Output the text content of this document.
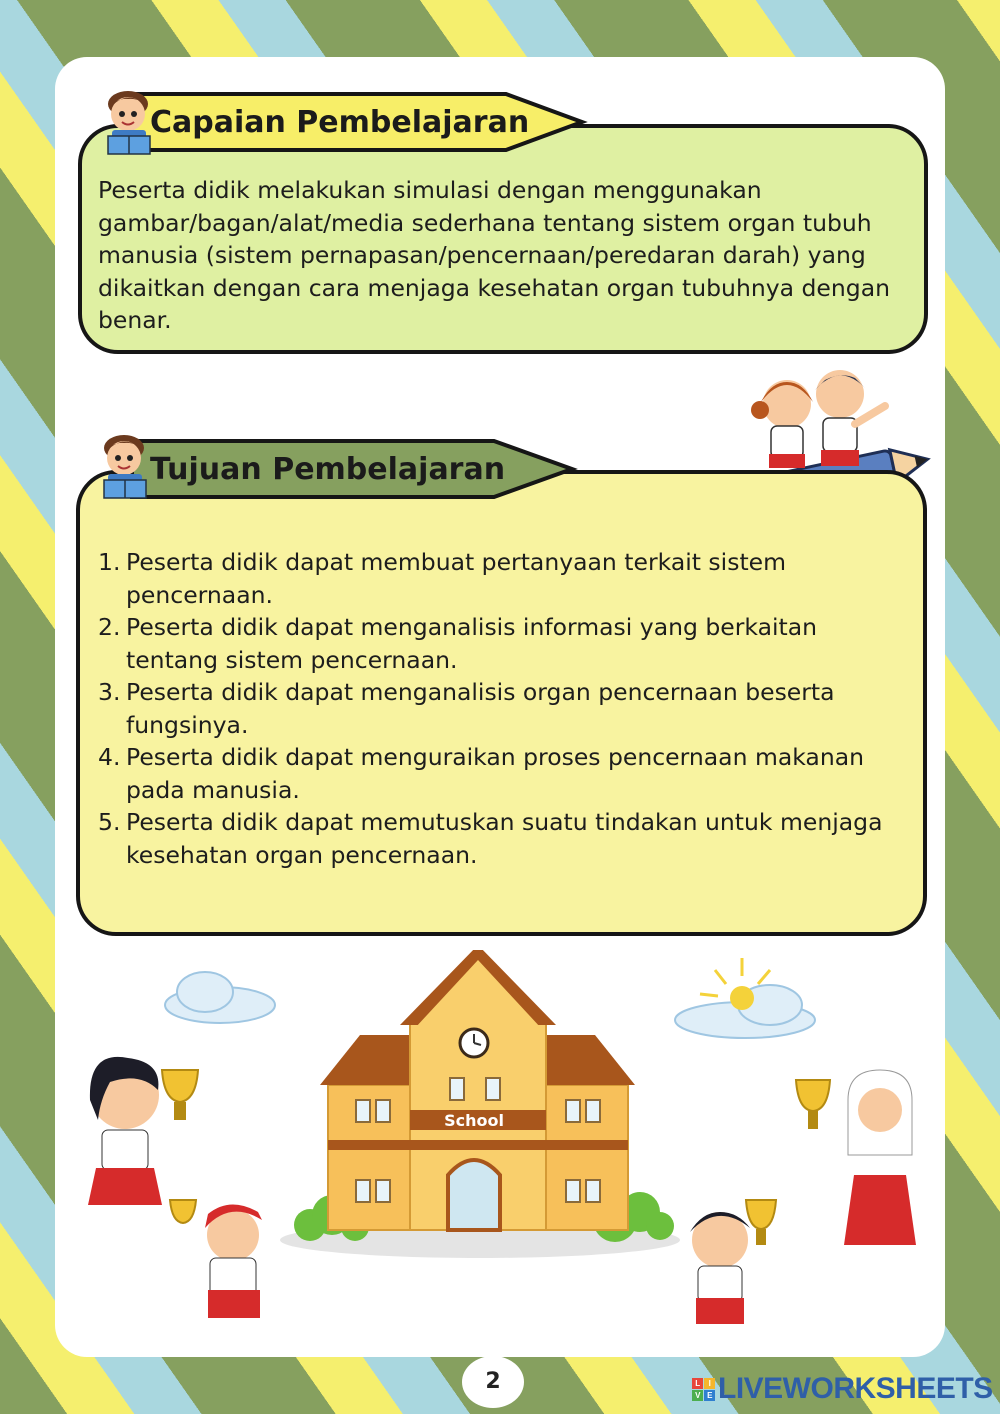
Capaian Pembelajaran
Peserta didik melakukan simulasi dengan menggunakan gambar/bagan/alat/media sederhana tentang sistem organ tubuh manusia (sistem pernapasan/pencernaan/peredaran darah) yang dikaitkan dengan cara menjaga kesehatan organ tubuhnya dengan benar.
Tujuan Pembelajaran
1. Peserta didik dapat membuat pertanyaan terkait sistem pencernaan.
2. Peserta didik dapat menganalisis informasi yang berkaitan tentang sistem pencernaan.
3. Peserta didik dapat menganalisis organ pencernaan beserta fungsinya.
4. Peserta didik dapat menguraikan proses pencernaan makanan pada manusia.
5. Peserta didik dapat memutuskan suatu tindakan untuk menjaga kesehatan organ pencernaan.
School
2	L	I
V E LIVEWORKSHEETS
